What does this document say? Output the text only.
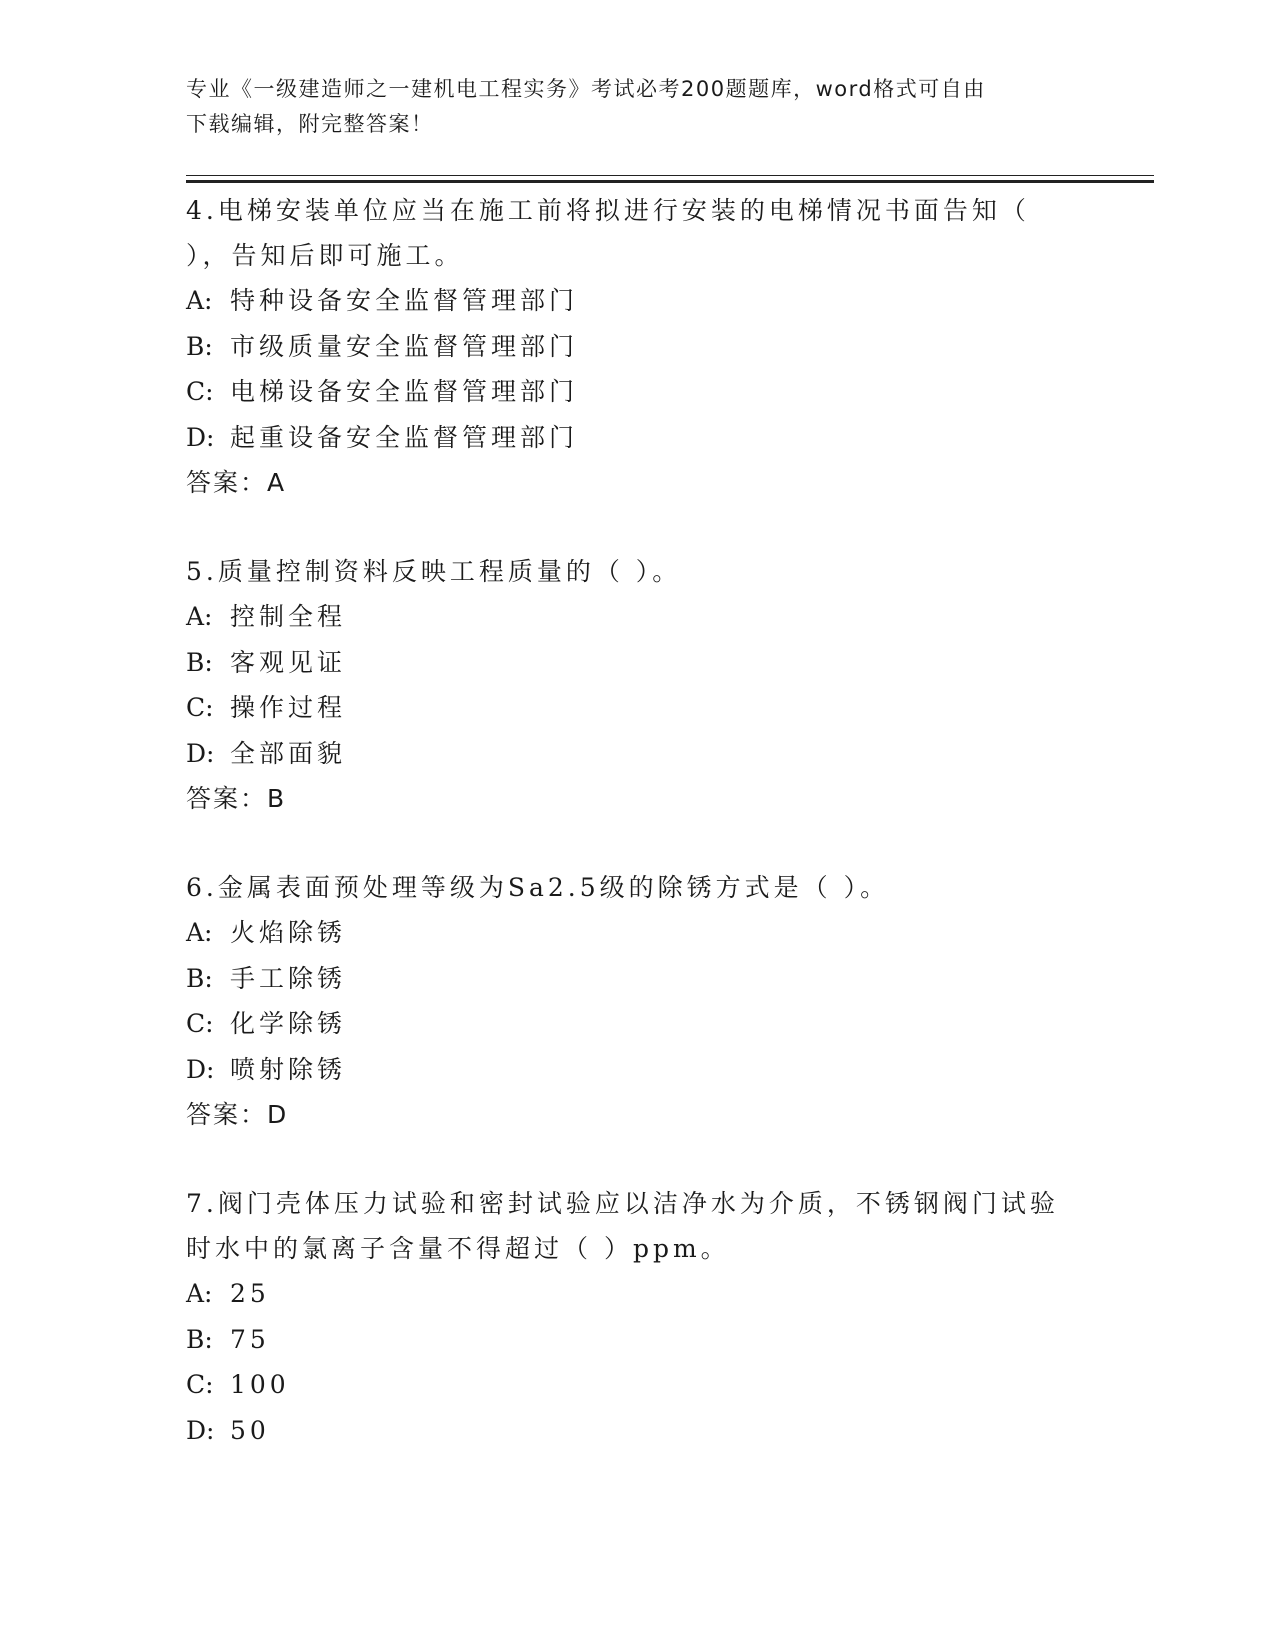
专业《一级建造师之一建机电工程实务》考试必考200题题库，word格式可自由
下载编辑，附完整答案！
4.电梯安装单位应当在施工前将拟进行安装的电梯情况书面告知（
），告知后即可施工。
A: 特种设备安全监督管理部门
B: 市级质量安全监督管理部门
C: 电梯设备安全监督管理部门
D: 起重设备安全监督管理部门
答案：A
5.质量控制资料反映工程质量的（ ）。
A: 控制全程
B: 客观见证
C: 操作过程
D: 全部面貌
答案：B
6.金属表面预处理等级为Sa2.5级的除锈方式是（ ）。
A: 火焰除锈
B: 手工除锈
C: 化学除锈
D: 喷射除锈
答案：D
7.阀门壳体压力试验和密封试验应以洁净水为介质，不锈钢阀门试验
时水中的氯离子含量不得超过（ ）ppm。
A: 25
B: 75
C: 100
D: 50
